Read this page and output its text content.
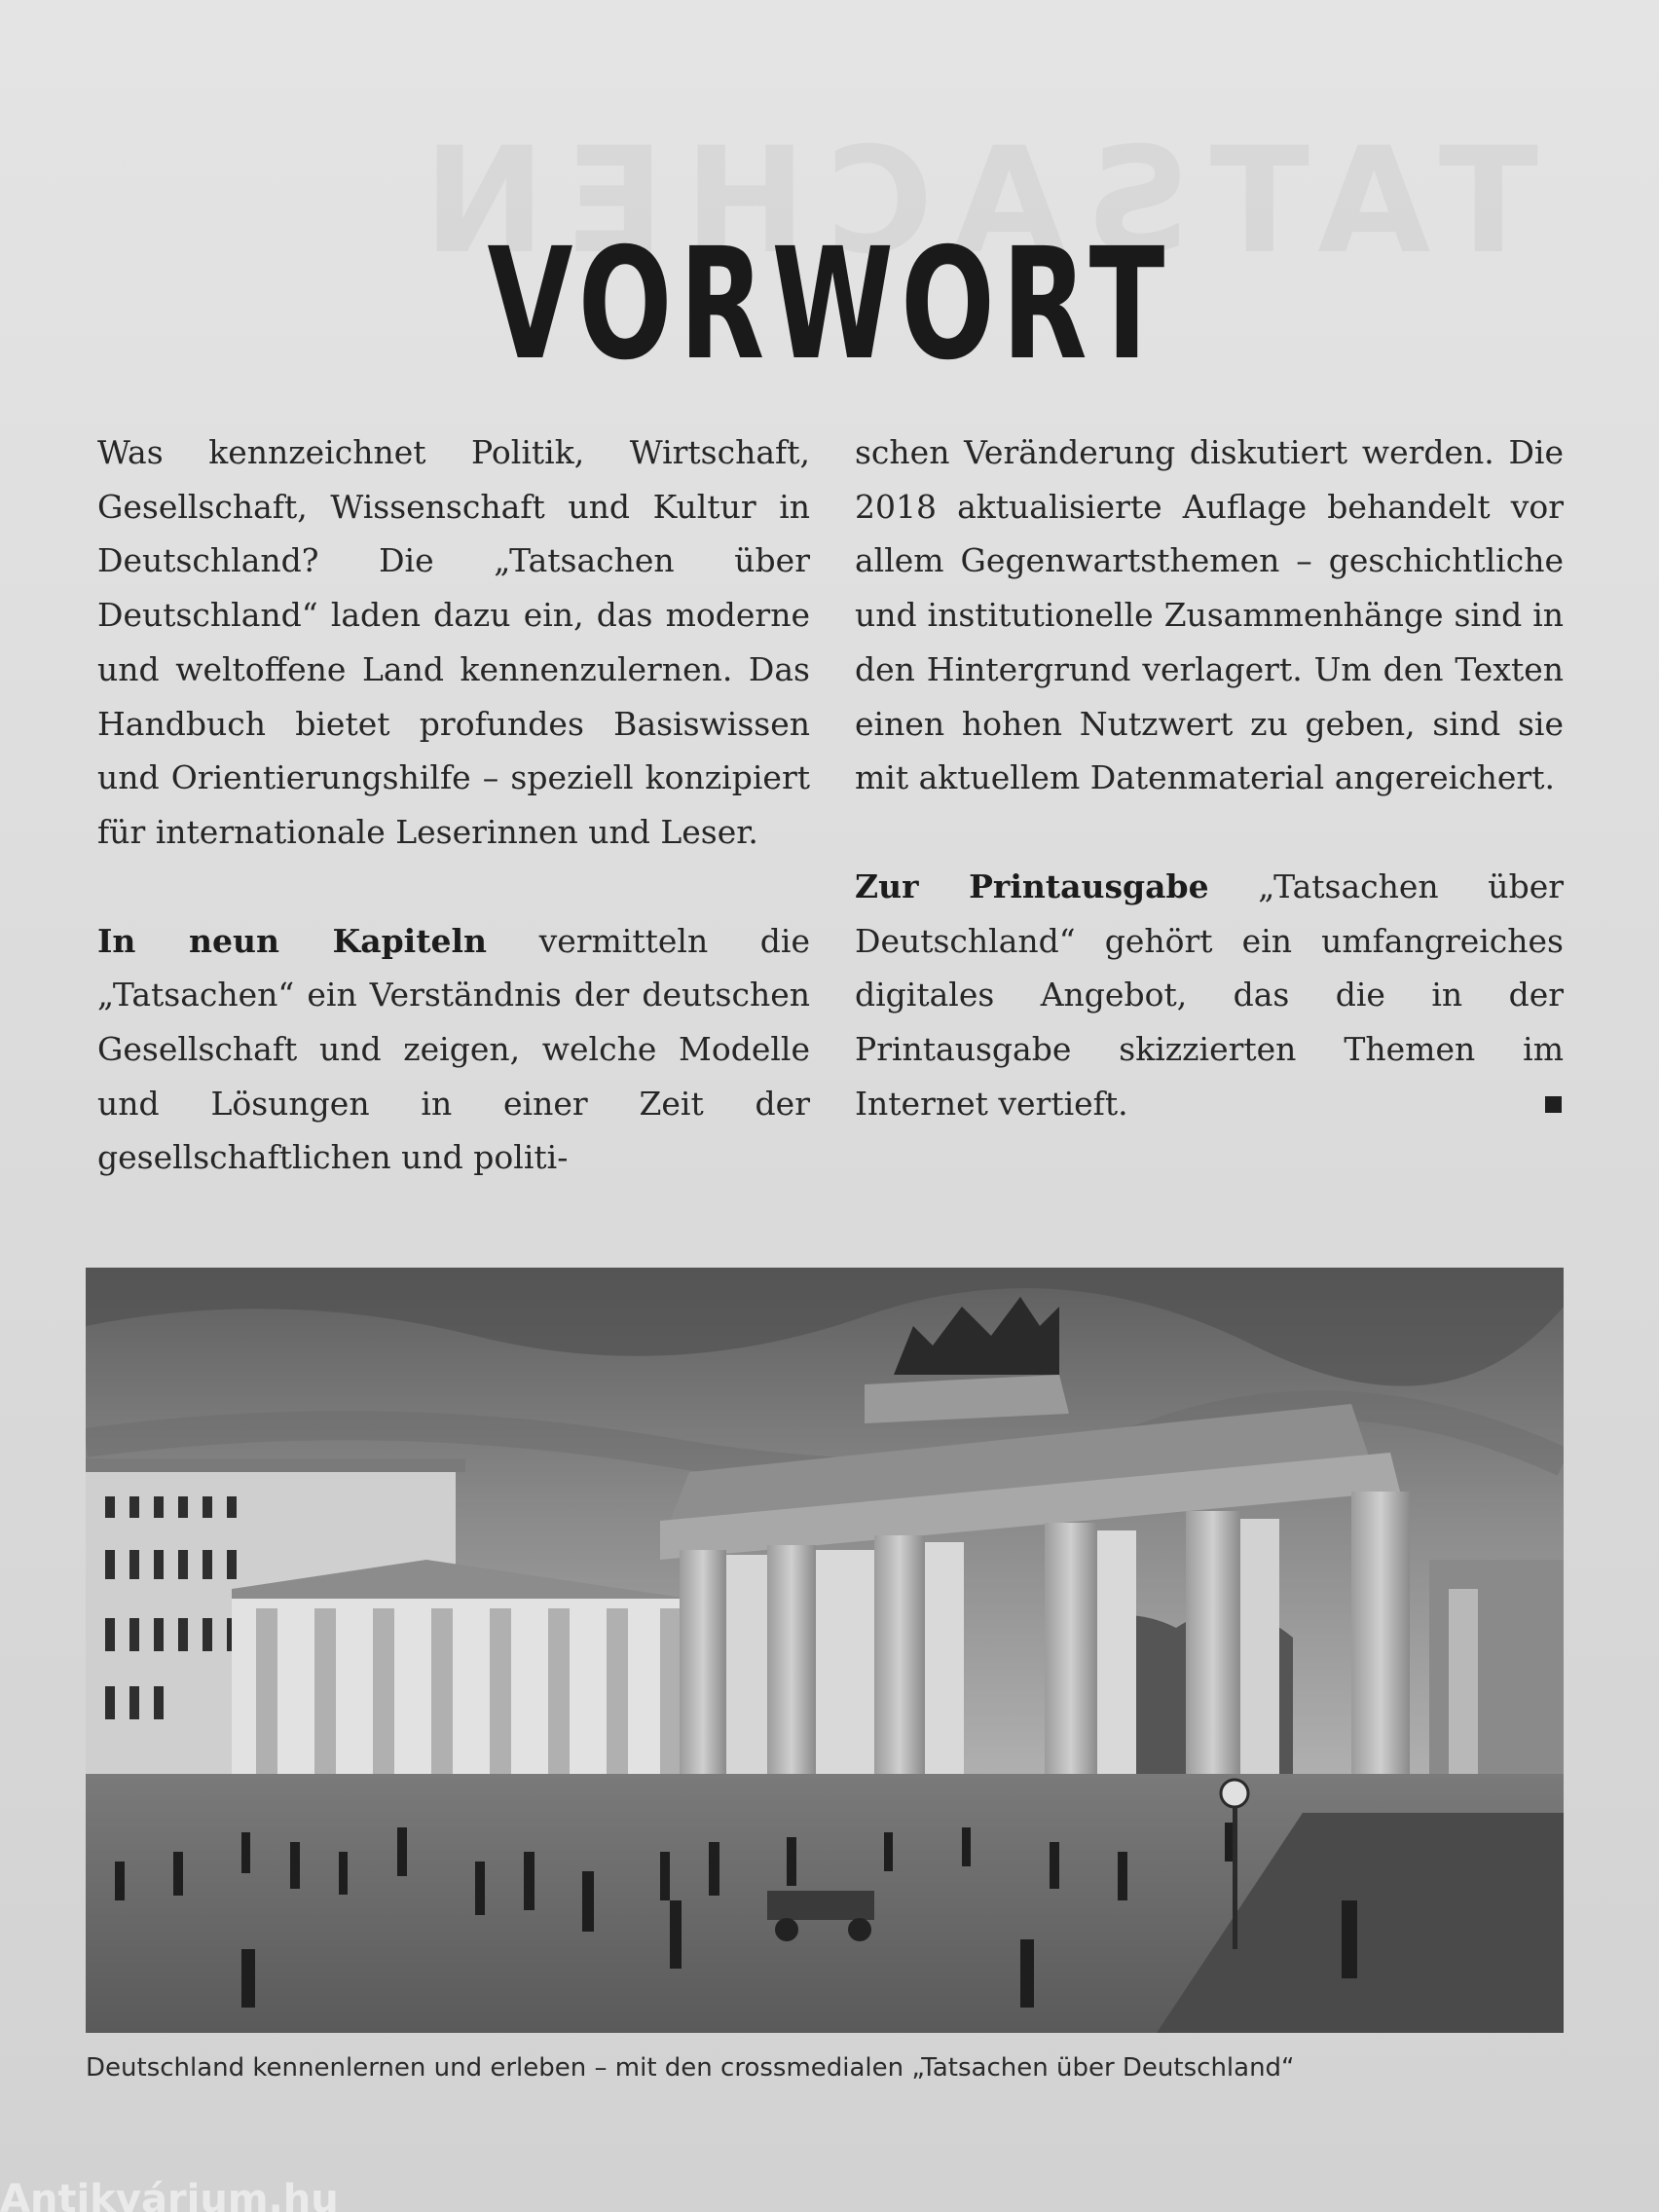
VORWORT

Was kennzeichnet Politik, Wirtschaft, Gesellschaft, Wissenschaft und Kultur in Deutschland? Die „Tatsachen über Deutschland“ laden dazu ein, das moderne und weltoffene Land kennenzulernen. Das Handbuch bietet profundes Basiswissen und Orientierungshilfe – speziell konzipiert für internationale Leserinnen und Leser.

In neun Kapiteln vermitteln die „Tatsachen“ ein Verständnis der deutschen Gesellschaft und zeigen, welche Modelle und Lösungen in einer Zeit der gesellschaftlichen und politi-

schen Veränderung diskutiert werden. Die 2018 aktualisierte Auflage behandelt vor allem Gegenwartsthemen – geschichtliche und institutionelle Zusammenhänge sind in den Hintergrund verlagert. Um den Texten einen hohen Nutzwert zu geben, sind sie mit aktuellem Datenmaterial angereichert.

Zur Printausgabe „Tatsachen über Deutschland“ gehört ein umfangreiches digitales Angebot, das die in der Printausgabe skizzierten Themen im Internet vertieft.

Deutschland kennenlernen und erleben – mit den crossmedialen „Tatsachen über Deutschland“
Antikvárium.hu
